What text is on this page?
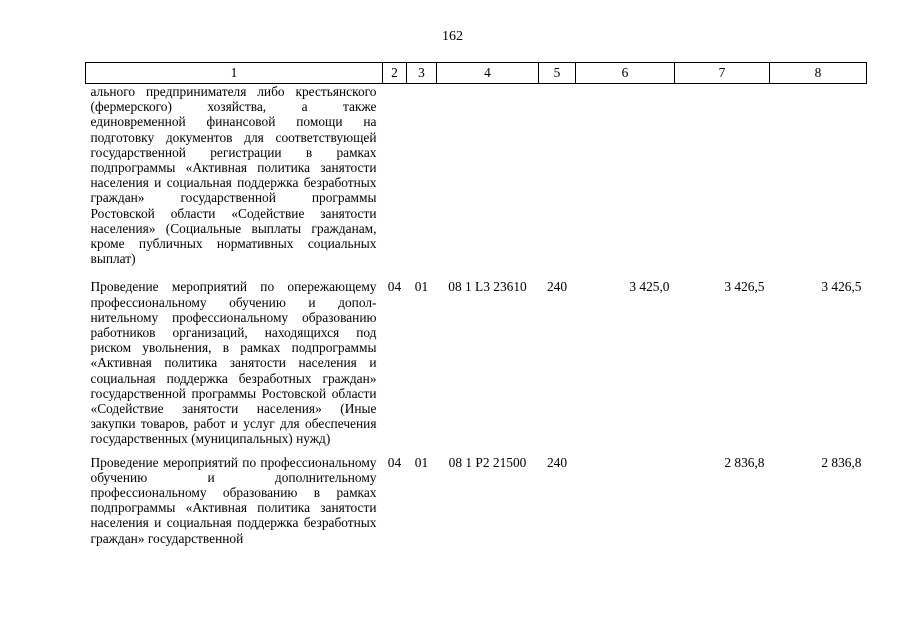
162
1	2	3	4	5	6	7	8
ального предпринимателя либо крестьянского (фермерского) хозяйства, а также единовременной финансовой помощи на подготовку документов для соответствующей государственной регистрации в рамках подпрограммы «Активная политика занятости населения и социальная поддержка безработных граждан» государственной программы Ростовской области «Содействие занятости населения» (Социальные выплаты гражданам, кроме публичных нормативных социальных выплат)							
Проведение мероприятий по опережающему профессиональному обучению и дополнительному профессиональному образованию работников организаций, находящихся под риском увольнения, в рамках подпрограммы «Активная политика занятости населения и социальная поддержка безработных граждан» государственной программы Ростовской области «Содействие занятости населения» (Иные закупки товаров, работ и услуг для обеспечения государственных (муниципальных) нужд)	04	01	08 1 L3 23610	240	3 425,0	3 426,5	3 426,5
Проведение мероприятий по профессиональному обучению и дополнительному профессиональному образованию в рамках подпрограммы «Активная политика занятости населения и социальная поддержка безработных граждан» государственной	04	01	08 1 P2 21500	240		2 836,8	2 836,8
